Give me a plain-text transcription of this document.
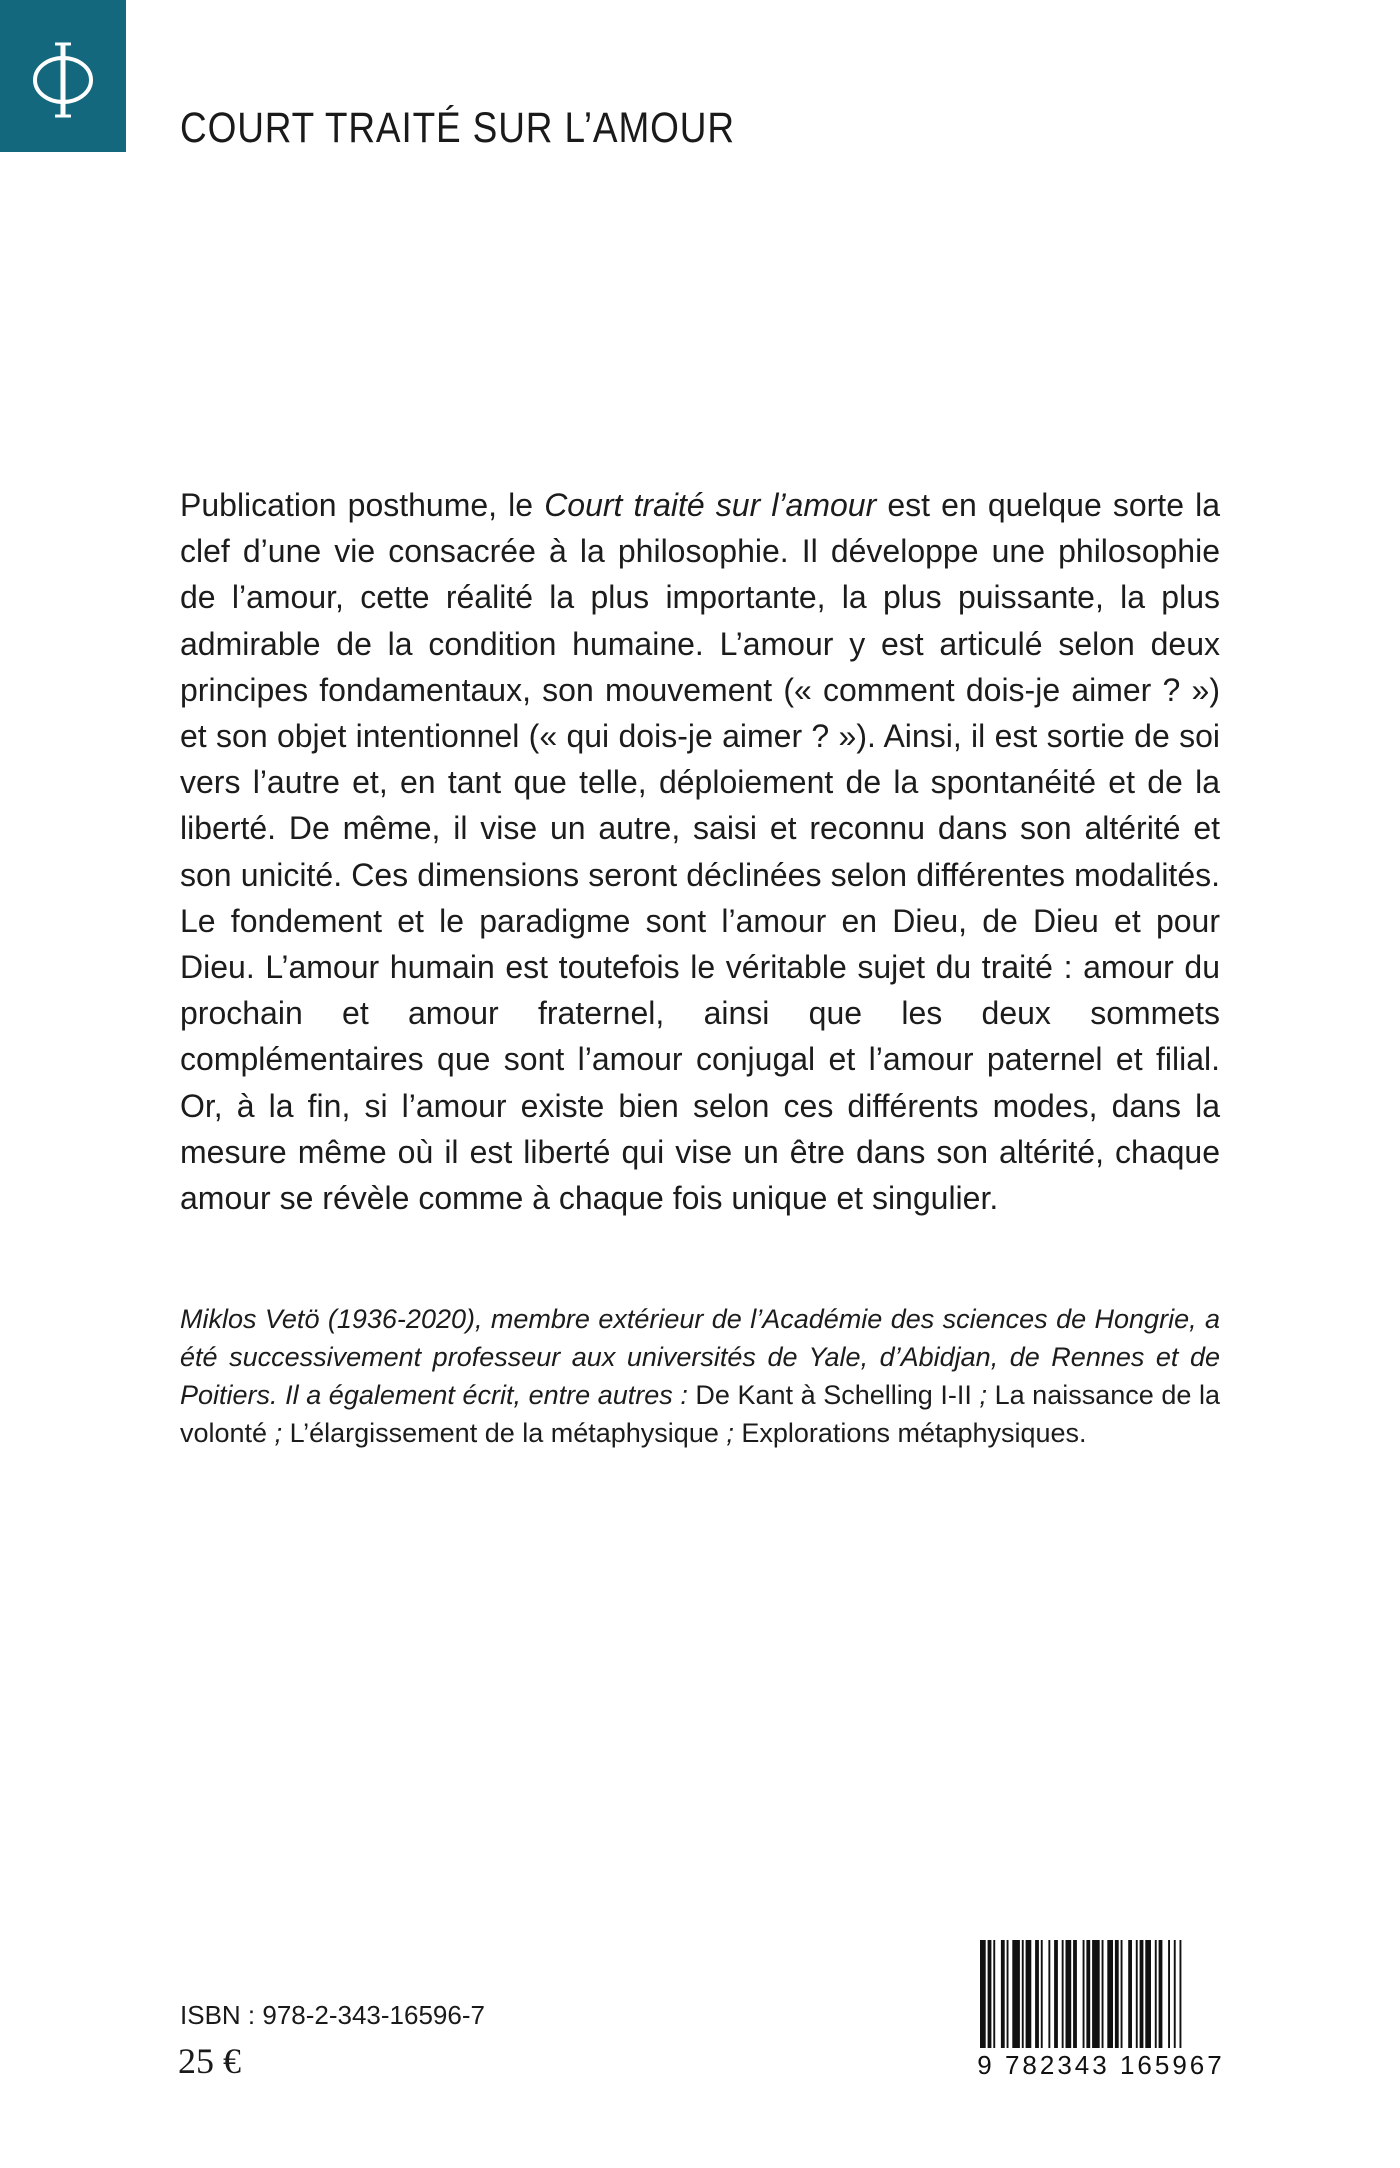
COURT TRAITÉ SUR L’AMOUR

Publication posthume, le Court traité sur l’amour est en quelque sorte la clef d’une vie consacrée à la philosophie. Il développe une philosophie de l’amour, cette réalité la plus importante, la plus puissante, la plus admirable de la condition humaine. L’amour y est articulé selon deux principes fondamentaux, son mouvement (« comment dois-je aimer ? ») et son objet intentionnel (« qui dois-je aimer ? »). Ainsi, il est sortie de soi vers l’autre et, en tant que telle, déploiement de la spontanéité et de la liberté. De même, il vise un autre, saisi et reconnu dans son altérité et son unicité. Ces dimensions seront déclinées selon différentes modalités. Le fondement et le paradigme sont l’amour en Dieu, de Dieu et pour Dieu. L’amour humain est toutefois le véritable sujet du traité : amour du prochain et amour fraternel, ainsi que les deux sommets complémentaires que sont l’amour conjugal et l’amour paternel et filial. Or, à la fin, si l’amour existe bien selon ces différents modes, dans la mesure même où il est liberté qui vise un être dans son altérité, chaque amour se révèle comme à chaque fois unique et singulier.

Miklos Vetö (1936-2020), membre extérieur de l’Académie des sciences de Hongrie, a été successivement professeur aux universités de Yale, d’Abidjan, de Rennes et de Poitiers. Il a également écrit, entre autres : De Kant à Schelling I-II ; La naissance de la volonté ; L’élargissement de la métaphysique ; Explorations métaphysiques.

ISBN : 978-2-343-16596-7
25 €	9 782343 165967
